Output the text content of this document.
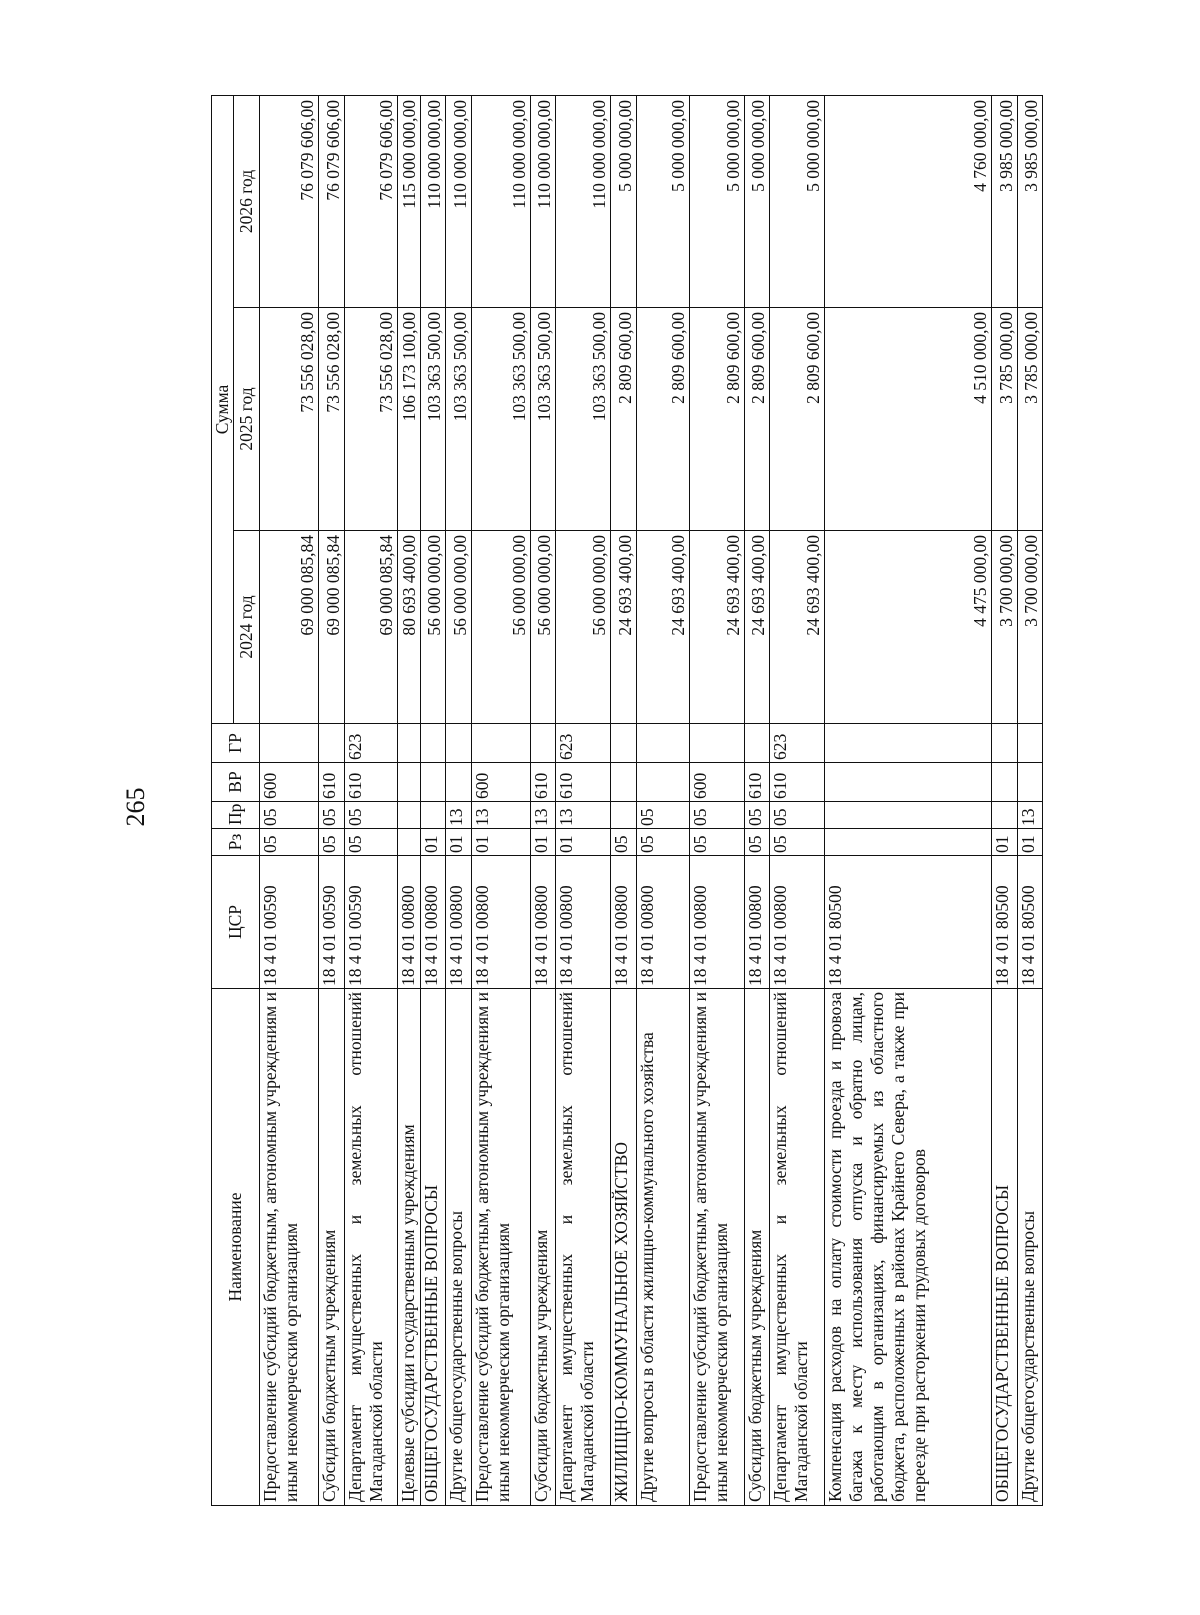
265
Наименование	ЦСР	Рз	Пр	ВР	ГР	Сумма		
						2024 год	2025 год	2026 год
Предоставление субсидий бюджетным, автономным учреждениям и иным некоммерческим организациям	18 4 01 00590	05	05	600		69 000 085,84	73 556 028,00	76 079 606,00
Субсидии бюджетным учреждениям	18 4 01 00590	05	05	610		69 000 085,84	73 556 028,00	76 079 606,00
Департамент имущественных и земельных отношений Магаданской области	18 4 01 00590	05	05	610	623	69 000 085,84	73 556 028,00	76 079 606,00
Целевые субсидии государственным учреждениям	18 4 01 00800					80 693 400,00	106 173 100,00	115 000 000,00
ОБЩЕГОСУДАРСТВЕННЫЕ ВОПРОСЫ	18 4 01 00800	01				56 000 000,00	103 363 500,00	110 000 000,00
Другие общегосударственные вопросы	18 4 01 00800	01	13			56 000 000,00	103 363 500,00	110 000 000,00
Предоставление субсидий бюджетным, автономным учреждениям и иным некоммерческим организациям	18 4 01 00800	01	13	600		56 000 000,00	103 363 500,00	110 000 000,00
Субсидии бюджетным учреждениям	18 4 01 00800	01	13	610		56 000 000,00	103 363 500,00	110 000 000,00
Департамент имущественных и земельных отношений Магаданской области	18 4 01 00800	01	13	610	623	56 000 000,00	103 363 500,00	110 000 000,00
ЖИЛИЩНО-КОММУНАЛЬНОЕ ХОЗЯЙСТВО	18 4 01 00800	05				24 693 400,00	2 809 600,00	5 000 000,00
Другие вопросы в области жилищно-коммунального хозяйства	18 4 01 00800	05	05			24 693 400,00	2 809 600,00	5 000 000,00
Предоставление субсидий бюджетным, автономным учреждениям и иным некоммерческим организациям	18 4 01 00800	05	05	600		24 693 400,00	2 809 600,00	5 000 000,00
Субсидии бюджетным учреждениям	18 4 01 00800	05	05	610		24 693 400,00	2 809 600,00	5 000 000,00
Департамент имущественных и земельных отношений Магаданской области	18 4 01 00800	05	05	610	623	24 693 400,00	2 809 600,00	5 000 000,00
Компенсация расходов на оплату стоимости проезда и провоза багажа к месту использования отпуска и обратно лицам, работающим в организациях, финансируемых из областного бюджета, расположенных в районах Крайнего Севера, а также при переезде при расторжении трудовых договоров	18 4 01 80500					4 475 000,00	4 510 000,00	4 760 000,00
ОБЩЕГОСУДАРСТВЕННЫЕ ВОПРОСЫ	18 4 01 80500	01				3 700 000,00	3 785 000,00	3 985 000,00
Другие общегосударственные вопросы	18 4 01 80500	01	13			3 700 000,00	3 785 000,00	3 985 000,00
